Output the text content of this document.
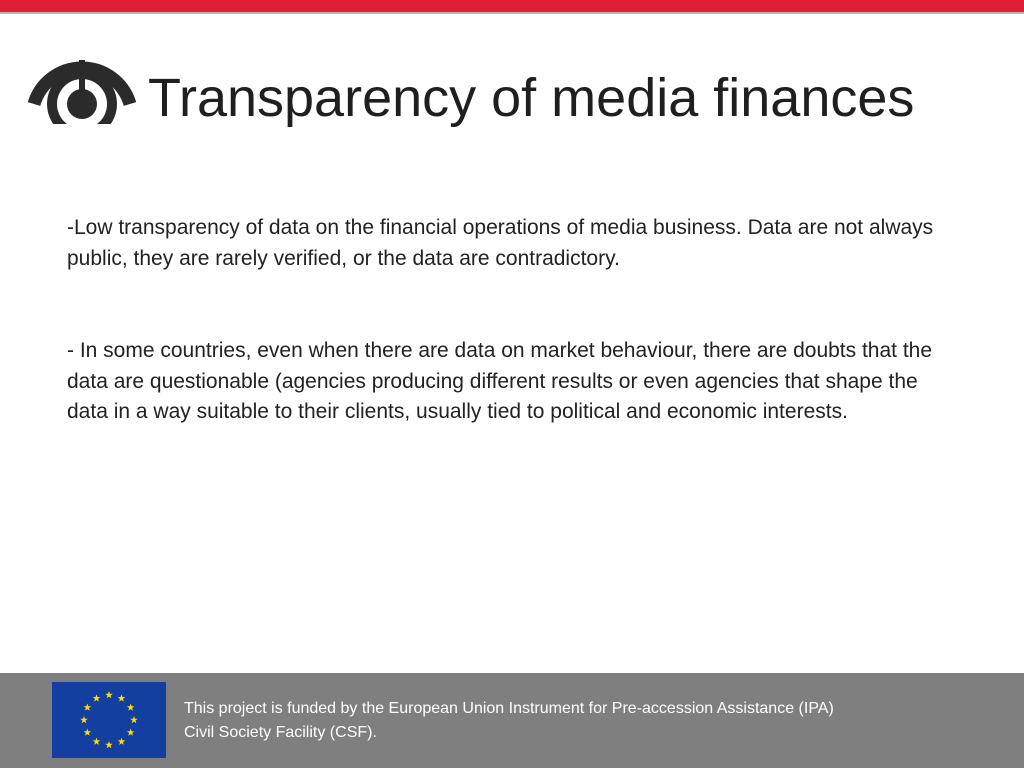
Transparency of media finances

-Low transparency of data on the financial operations of media business. Data are not always public, they are rarely verified, or the data are contradictory.

- In some countries, even when there are data on market behaviour, there are doubts that the data are questionable (agencies producing different results or even agencies that shape the data in a way suitable to their clients, usually tied to political and economic interests.

This project is funded by the European Union Instrument for Pre-accession Assistance (IPA)
Civil Society Facility (CSF).
